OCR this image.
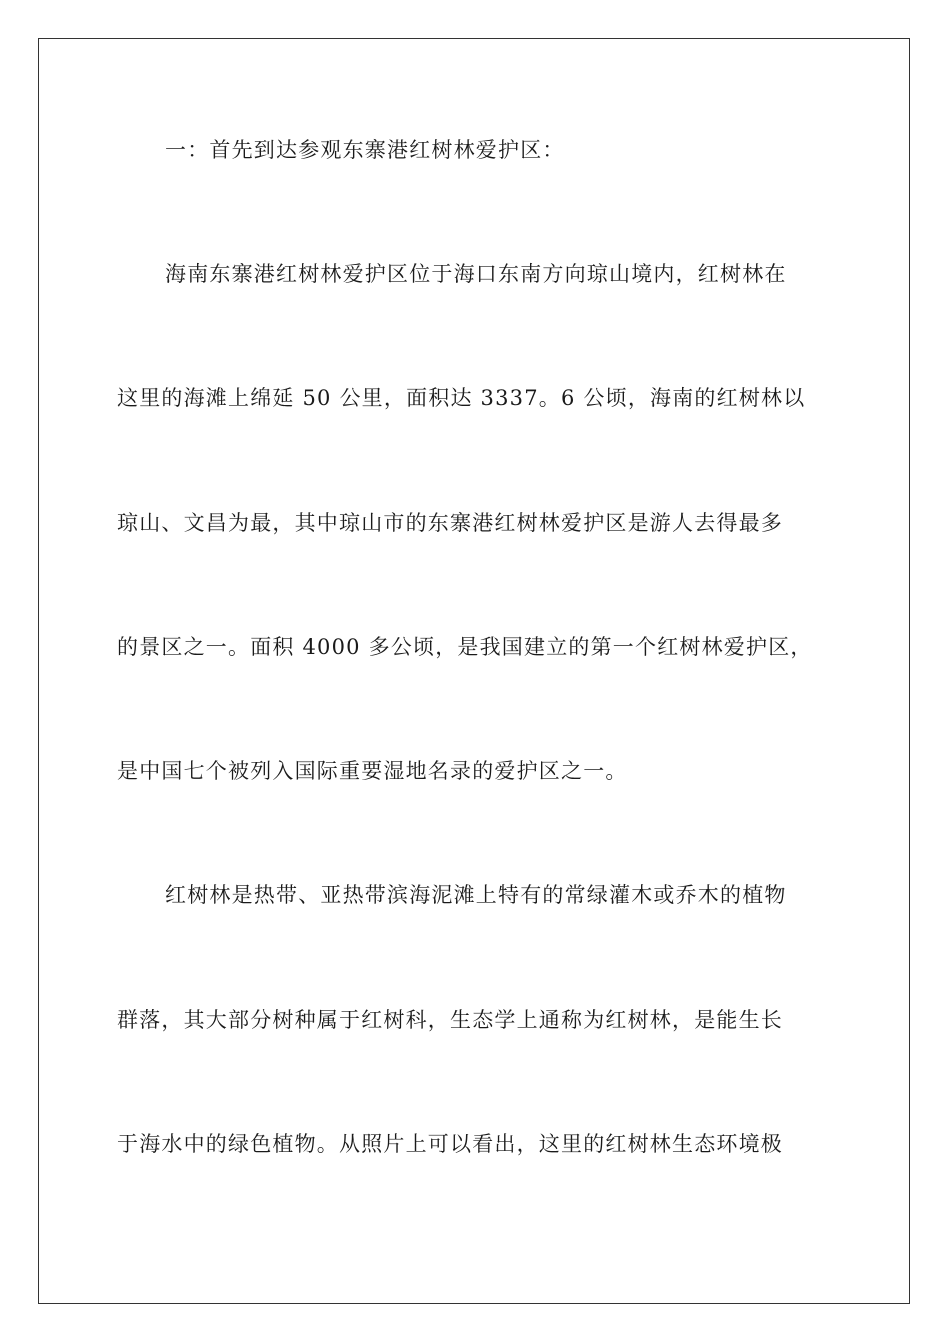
一：首先到达参观东寨港红树林爱护区：
海南东寨港红树林爱护区位于海口东南方向琼山境内，红树林在
这里的海滩上绵延 50 公里，面积达 3337。6 公顷，海南的红树林以
琼山、文昌为最，其中琼山市的东寨港红树林爱护区是游人去得最多
的景区之一。面积 4000 多公顷，是我国建立的第一个红树林爱护区，
是中国七个被列入国际重要湿地名录的爱护区之一。
红树林是热带、亚热带滨海泥滩上特有的常绿灌木或乔木的植物
群落，其大部分树种属于红树科，生态学上通称为红树林，是能生长
于海水中的绿色植物。从照片上可以看出，这里的红树林生态环境极
